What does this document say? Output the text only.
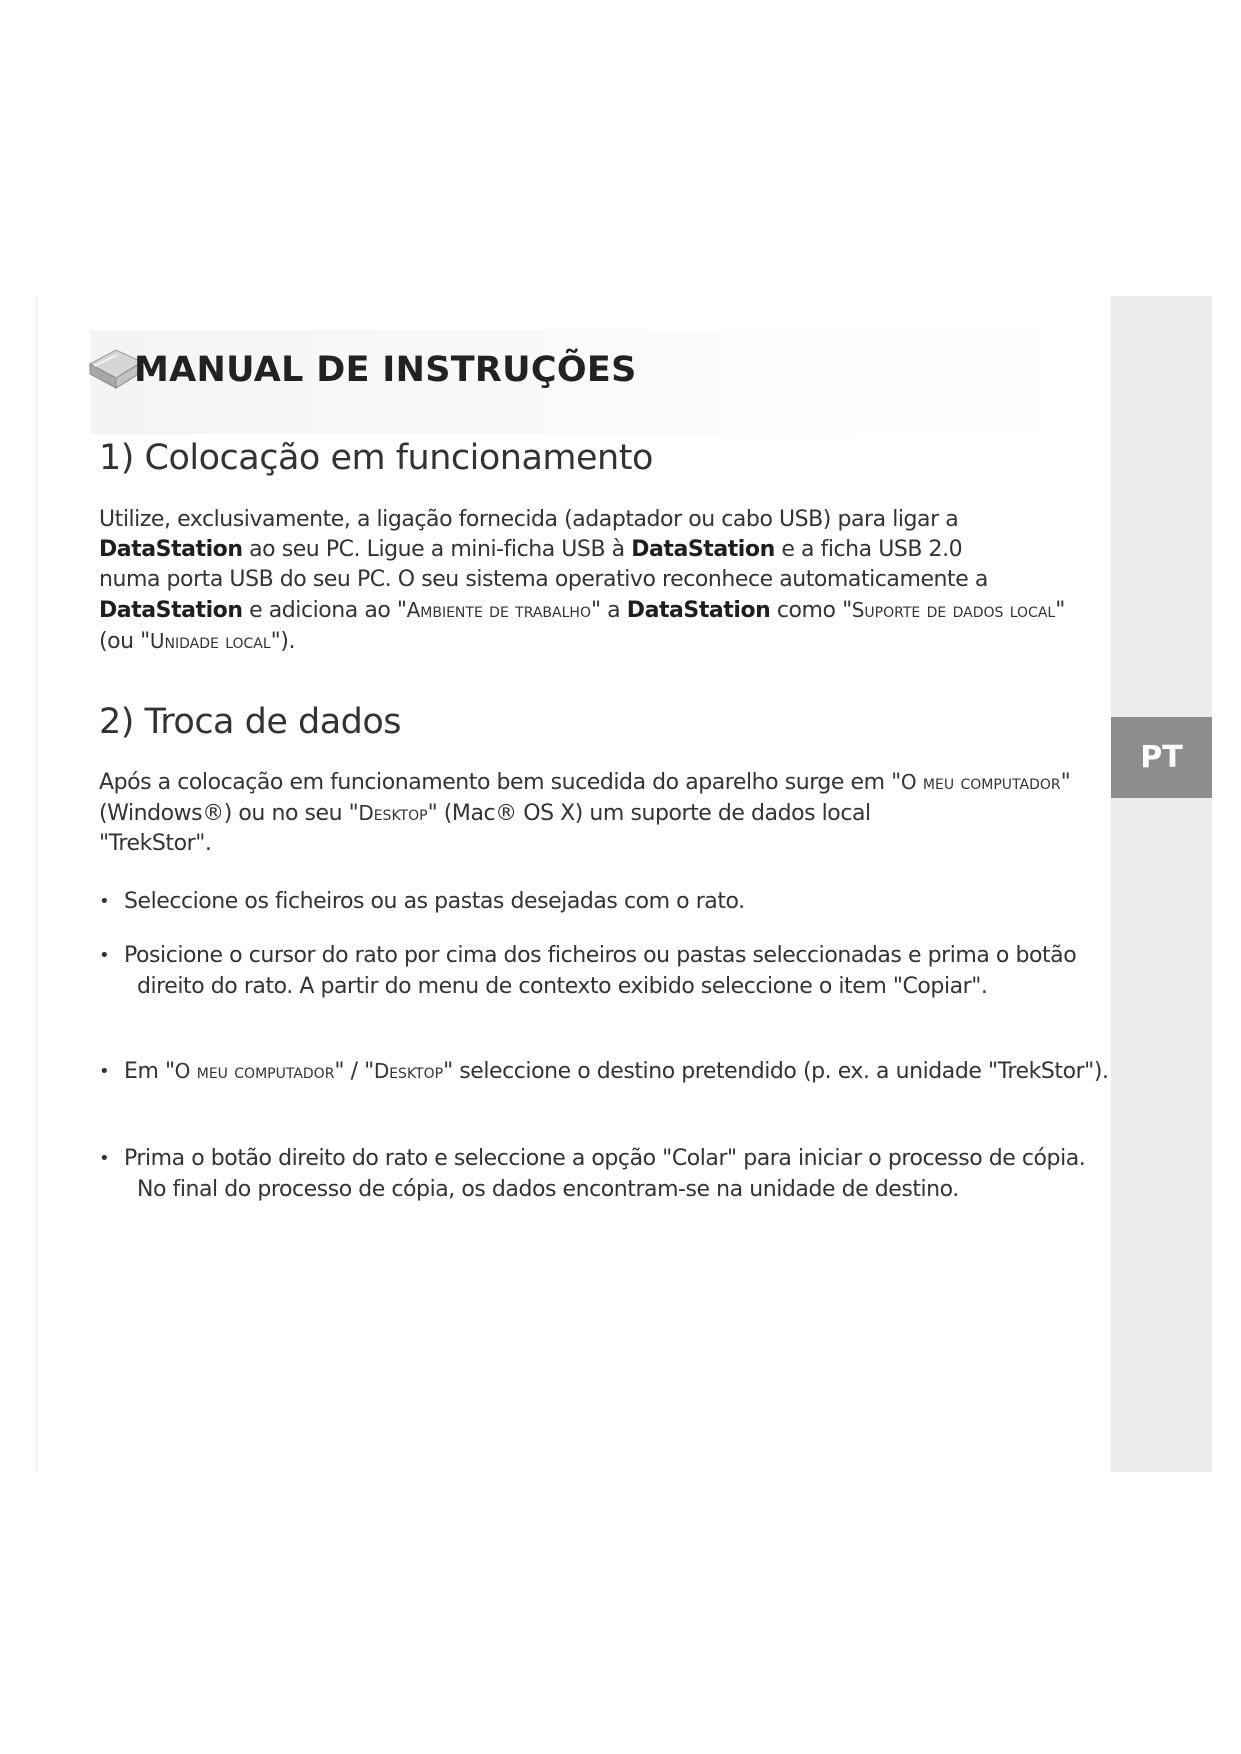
PT
MANUAL DE INSTRUÇÕES
1) Colocação em funcionamento

Utilize, exclusivamente, a ligação fornecida (adaptador ou cabo USB) para ligar a
DataStation ao seu PC. Ligue a mini-ficha USB à DataStation e a ficha USB 2.0
numa porta USB do seu PC. O seu sistema operativo reconhece automaticamente a
DataStation e adiciona ao "Ambiente de trabalho" a DataStation como "Suporte de dados local" (ou "Unidade local").

2) Troca de dados

Após a colocação em funcionamento bem sucedida do aparelho surge em "O meu computador" (Windows®) ou no seu "Desktop" (Mac® OS X) um suporte de dados local
"TrekStor".

• Seleccione os ficheiros ou as pastas desejadas com o rato.

• Posicione o cursor do rato por cima dos ficheiros ou pastas seleccionadas e prima o botão direito do rato. A partir do menu de contexto exibido seleccione o item "Copiar".

• Em "O meu computador" / "Desktop" seleccione o destino pretendido (p. ex. a unidade "TrekStor").

• Prima o botão direito do rato e seleccione a opção "Colar" para iniciar o processo de cópia. No final do processo de cópia, os dados encontram-se na unidade de destino.
